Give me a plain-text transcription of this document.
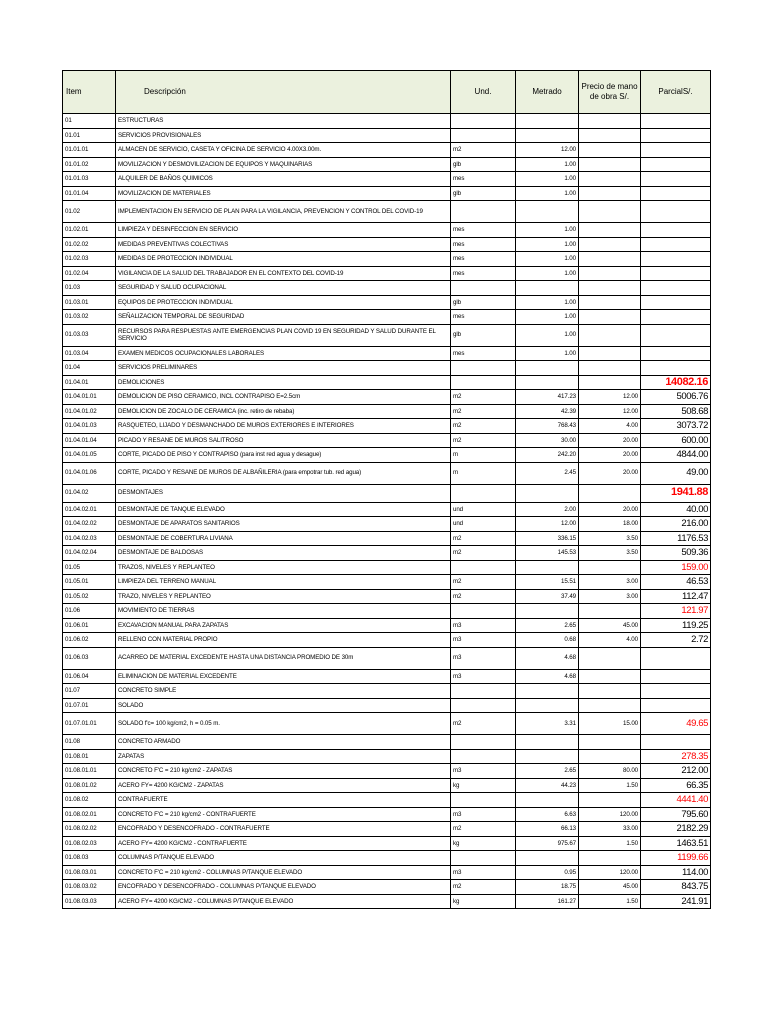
Item	Descripción	Und.	Metrado	Precio de mano de obra S/.	ParcialS/.
01	ESTRUCTURAS				
01.01	SERVICIOS PROVISIONALES				
01.01.01	ALMACEN DE SERVICIO, CASETA Y OFICINA DE SERVICIO 4.00X3.00m.	m2	12.00		
01.01.02	MOVILIZACION Y DESMOVILIZACION DE EQUIPOS Y MAQUINARIAS	glb	1.00		
01.01.03	ALQUILER DE BAÑOS QUIMICOS	mes	1.00		
01.01.04	MOVILIZACION DE MATERIALES	glb	1.00		
01.02	IMPLEMENTACION EN SERVICIO DE PLAN PARA LA VIGILANCIA, PREVENCION Y CONTROL DEL COVID-19				
01.02.01	LIMPIEZA Y DESINFECCION EN SERVICIO	mes	1.00		
01.02.02	MEDIDAS PREVENTIVAS COLECTIVAS	mes	1.00		
01.02.03	MEDIDAS DE PROTECCION INDIVIDUAL	mes	1.00		
01.02.04	VIGILANCIA DE LA SALUD DEL TRABAJADOR EN EL CONTEXTO DEL COVID-19	mes	1.00		
01.03	SEGURIDAD Y SALUD OCUPACIONAL				
01.03.01	EQUIPOS DE PROTECCION INDIVIDUAL	glb	1.00		
01.03.02	SEÑALIZACION TEMPORAL DE SEGURIDAD	mes	1.00		
01.03.03	RECURSOS PARA RESPUESTAS ANTE EMERGENCIAS PLAN COVID 19 EN SEGURIDAD Y SALUD DURANTE EL SERVICIO	glb	1.00		
01.03.04	EXAMEN MEDICOS OCUPACIONALES LABORALES	mes	1.00		
01.04	SERVICIOS PRELIMINARES				
01.04.01	DEMOLICIONES				14082.16
01.04.01.01	DEMOLICION DE PISO CERAMICO, INCL CONTRAPISO E=2.5cm	m2	417.23	12.00	5006.76
01.04.01.02	DEMOLICION DE ZOCALO DE CERAMICA (inc. retiro de rebaba)	m2	42.39	12.00	508.68
01.04.01.03	RASQUETEO, LIJADO Y DESMANCHADO DE MUROS EXTERIORES E INTERIORES	m2	768.43	4.00	3073.72
01.04.01.04	PICADO Y RESANE DE MUROS SALITROSO	m2	30.00	20.00	600.00
01.04.01.05	CORTE, PICADO DE PISO Y CONTRAPISO (para inst red agua y desague)	m	242.20	20.00	4844.00
01.04.01.06	CORTE, PICADO Y RESANE DE MUROS DE ALBAÑILERIA (para empotrar tub. red agua)	m	2.45	20.00	49.00
01.04.02	DESMONTAJES				1941.88
01.04.02.01	DESMONTAJE DE TANQUE ELEVADO	und	2.00	20.00	40.00
01.04.02.02	DESMONTAJE DE APARATOS SANITARIOS	und	12.00	18.00	216.00
01.04.02.03	DESMONTAJE DE COBERTURA LIVIANA	m2	336.15	3.50	1176.53
01.04.02.04	DESMONTAJE DE BALDOSAS	m2	145.53	3.50	509.36
01.05	TRAZOS, NIVELES Y REPLANTEO				159.00
01.05.01	LIMPIEZA DEL TERRENO MANUAL	m2	15.51	3.00	46.53
01.05.02	TRAZO, NIVELES Y REPLANTEO	m2	37.49	3.00	112.47
01.06	MOVIMIENTO DE TIERRAS				121.97
01.06.01	EXCAVACION MANUAL PARA ZAPATAS	m3	2.65	45.00	119.25
01.06.02	RELLENO CON MATERIAL PROPIO	m3	0.68	4.00	2.72
01.06.03	ACARREO DE MATERIAL EXCEDENTE HASTA UNA DISTANCIA PROMEDIO DE 30m	m3	4.68		
01.06.04	ELIMINACION DE MATERIAL EXCEDENTE	m3	4.68		
01.07	CONCRETO SIMPLE				
01.07.01	SOLADO				
01.07.01.01	SOLADO f'c= 100 kg/cm2, h = 0.05 m.	m2	3.31	15.00	49.65
01.08	CONCRETO ARMADO				
01.08.01	ZAPATAS				278.35
01.08.01.01	CONCRETO F'C = 210 kg/cm2 - ZAPATAS	m3	2.65	80.00	212.00
01.08.01.02	ACERO FY= 4200 KG/CM2 - ZAPATAS	kg	44.23	1.50	66.35
01.08.02	CONTRAFUERTE				4441.40
01.08.02.01	CONCRETO F'C = 210 kg/cm2 - CONTRAFUERTE	m3	6.63	120.00	795.60
01.08.02.02	ENCOFRADO Y DESENCOFRADO - CONTRAFUERTE	m2	66.13	33.00	2182.29
01.08.02.03	ACERO FY= 4200 KG/CM2 - CONTRAFUERTE	kg	975.67	1.50	1463.51
01.08.03	COLUMNAS P/TANQUE ELEVADO				1199.66
01.08.03.01	CONCRETO F'C = 210 kg/cm2 - COLUMNAS P/TANQUE ELEVADO	m3	0.95	120.00	114.00
01.08.03.02	ENCOFRADO Y DESENCOFRADO - COLUMNAS P/TANQUE ELEVADO	m2	18.75	45.00	843.75
01.08.03.03	ACERO FY= 4200 KG/CM2 - COLUMNAS P/TANQUE ELEVADO	kg	161.27	1.50	241.91
